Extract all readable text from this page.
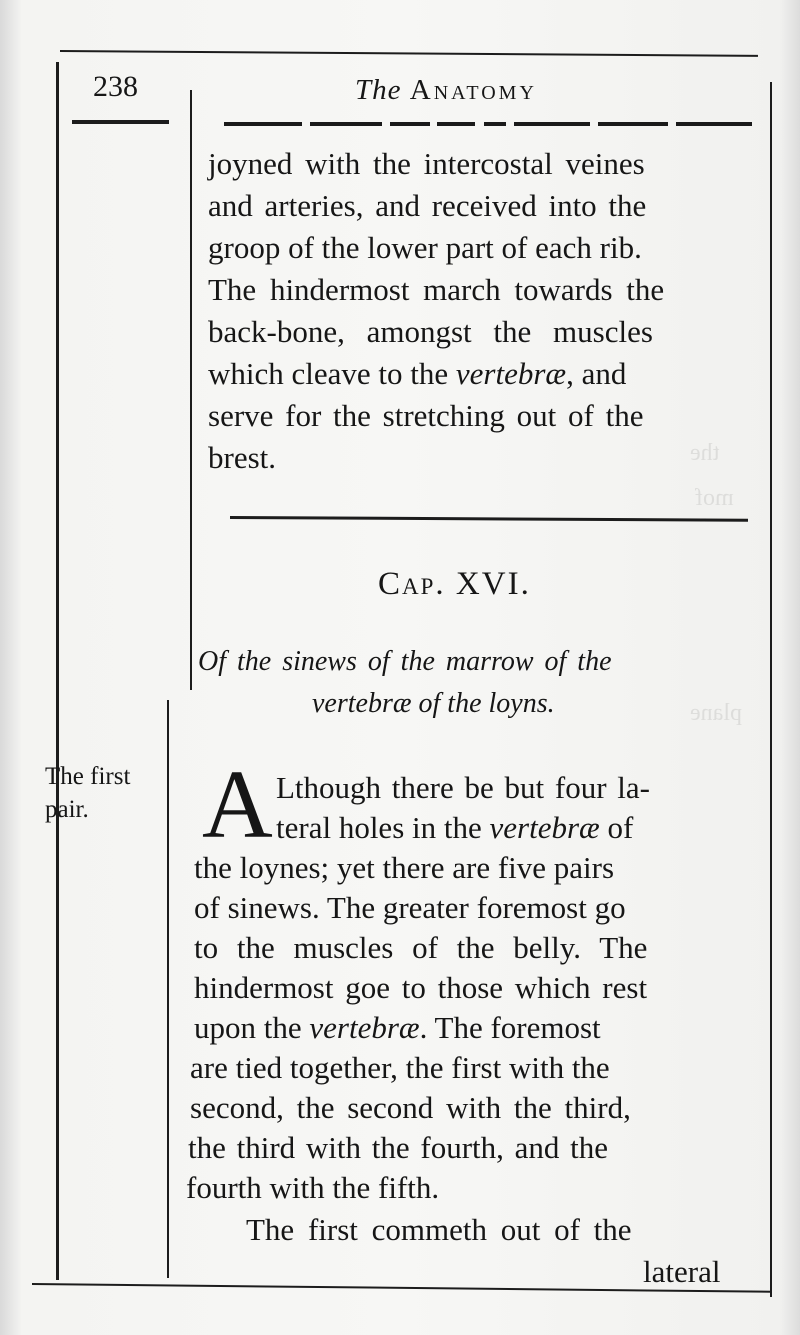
the
mof
plane
238	The Anatomy
joyned with the intercostal veines
and arteries, and received into the
groop of the lower part of each rib.
The hindermost march towards the
back-bone, amongst the muscles
which cleave to the vertebræ, and
serve for the stretching out of the
brest.
Cap. XVI.
Of the sinews of the marrow of the
vertebræ of the loyns.
The first
pair.	A Lthough there be but four la-
teral holes in the vertebræ of
the loynes; yet there are five pairs
of sinews. The greater foremost go
to the muscles of the belly. The
hindermost goe to those which rest
upon the vertebræ. The foremost
are tied together, the first with the
second, the second with the third,
the third with the fourth, and the
fourth with the fifth.
The first commeth out of the
lateral
